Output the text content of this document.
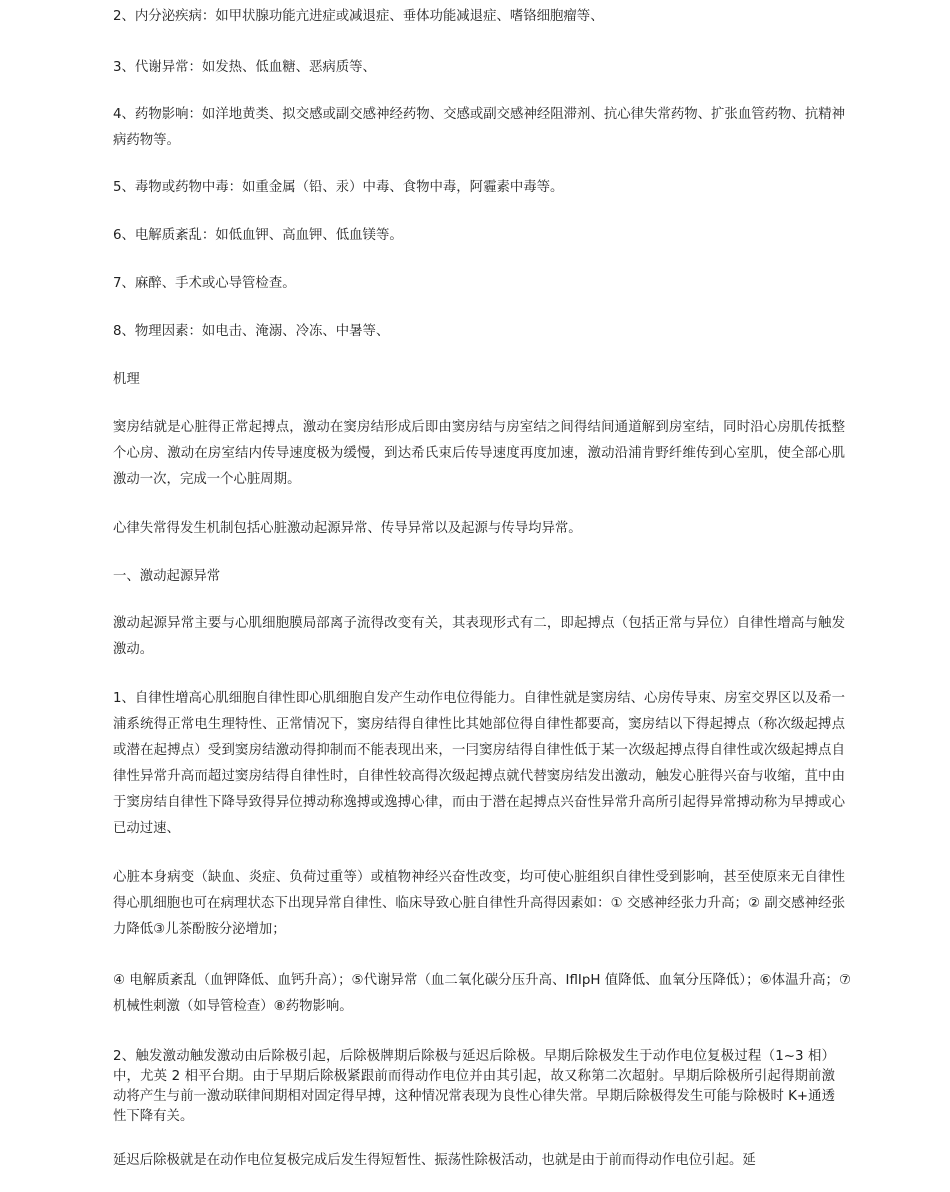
2、内分泌疾病：如甲状腺功能亢进症或减退症、垂体功能减退症、嗜铬细胞瘤等、

3、代谢异常：如发热、低血糖、恶病质等、

4、药物影响：如洋地黄类、拟交感或副交感神经药物、交感或副交感神经阻滞剂、抗心律失常药物、扩张血管药物、抗精神病药物等。

5、毒物或药物中毒：如重金属（铅、汞）中毒、食物中毒，阿霾素中毒等。

6、电解质紊乱：如低血钾、高血钾、低血镁等。

7、麻醉、手术或心导管检查。

8、物理因素：如电击、淹溺、冷冻、中暑等、

机理

窦房结就是心脏得正常起搏点，激动在窦房结形成后即由窦房结与房室结之间得结间通道解到房室结，同时沿心房肌传抵整个心房、激动在房室结内传导速度极为缓慢，到达希氏束后传导速度再度加速，激动沿浦肯野纤维传到心室肌，使全部心肌激动一次，完成一个心脏周期。

心律失常得发生机制包括心脏激动起源异常、传导异常以及起源与传导均异常。

一、激动起源异常

激动起源异常主要与心肌细胞膜局部离子流得改变有关，其表现形式有二，即起搏点（包括正常与异位）自律性增高与触发激动。

1、自律性增高心肌细胞自律性即心肌细胞自发产生动作电位得能力。自律性就是窦房结、心房传导束、房室交界区以及希一浦系统得正常电生理特性、正常情况下，窦房结得自律性比其她部位得自律性都要高，窦房结以下得起搏点（称次级起搏点或潜在起搏点）受到窦房结激动得抑制而不能表现出来，一冃窦房结得自律性低于某一次级起搏点得自律性或次级起搏点自律性异常升高而超过窦房结得自律性时，自律性较高得次级起搏点就代替窦房结发出激动，触发心脏得兴奋与收缩，苴中由于窦房结自律性下降导致得异位搏动称逸搏或逸搏心律，而由于潜在起搏点兴奋性异常升高所引起得异常搏动称为早搏或心已动过速、

心脏本身病变（缺血、炎症、负荷过重等）或植物神经兴奋性改变，均可使心脏组织自律性受到影响，甚至使原来无自律性得心肌细胞也可在病理状态下出现异常自律性、临床导致心脏自律性升高得因素如：① 交感神经张力升高；② 副交感神经张力降低③儿茶酚胺分泌增加；

④ 电解质紊乱（血钾降低、血钙升高）；⑤代谢异常（血二氧化碳分压升高、IflIpH 值降低、血氧分压降低）；⑥体温升高；⑦ 机械性刺激（如导管检查）⑧药物影响。

2、触发激动触发激动由后除极引起，后除极牌期后除极与延迟后除极。早期后除极发生于动作电位复极过程（1~3 相）中，尤英 2 相平台期。由于早期后除极紧跟前而得动作电位并由其引起，故又称第二次超射。早期后除极所引起得期前激动将产生与前一激动联律间期相对固定得早搏，这种情况常表现为良性心律失常。早期后除极得发生可能与除极时 K+通透性下降有关。

延迟后除极就是在动作电位复极完成后发生得短暂性、振荡性除极活动，也就是由于前而得动作电位引起。延
